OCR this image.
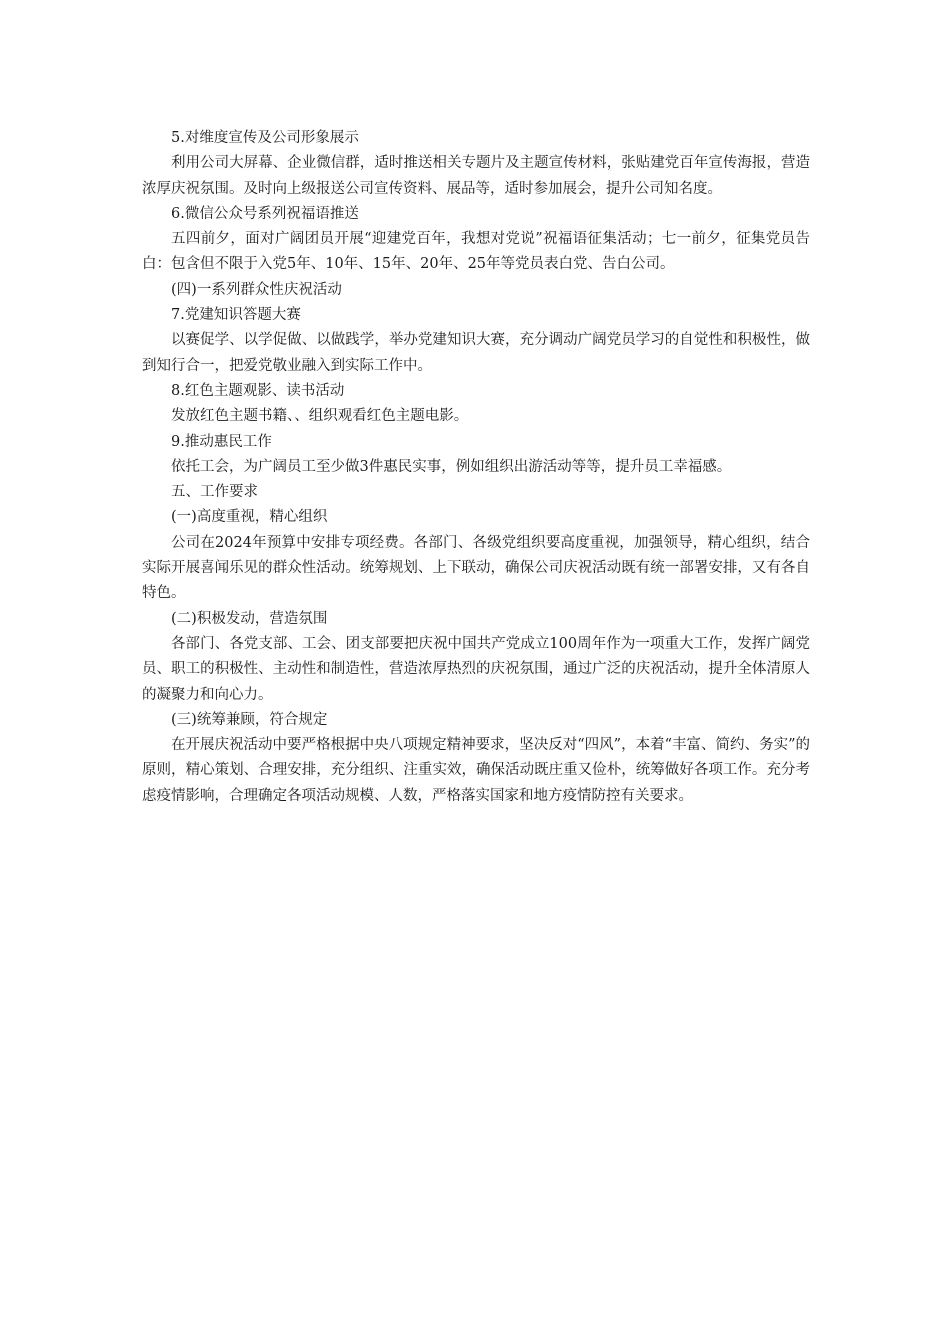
5.对维度宣传及公司形象展示

利用公司大屏幕、企业微信群，适时推送相关专题片及主题宣传材料，张贴建党百年宣传海报，营造浓厚庆祝氛围。及时向上级报送公司宣传资料、展品等，适时参加展会，提升公司知名度。

6.微信公众号系列祝福语推送

五四前夕，面对广阔团员开展“迎建党百年，我想对党说”祝福语征集活动；七一前夕，征集党员告白：包含但不限于入党5年、10年、15年、20年、25年等党员表白党、告白公司。

(四)一系列群众性庆祝活动

7.党建知识答题大赛

以赛促学、以学促做、以做践学，举办党建知识大赛，充分调动广阔党员学习的自觉性和积极性，做到知行合一，把爱党敬业融入到实际工作中。

8.红色主题观影、读书活动

发放红色主题书籍、、组织观看红色主题电影。

9.推动惠民工作

依托工会，为广阔员工至少做3件惠民实事，例如组织出游活动等等，提升员工幸福感。

五、工作要求

(一)高度重视，精心组织

公司在2024年预算中安排专项经费。各部门、各级党组织要高度重视，加强领导，精心组织，结合实际开展喜闻乐见的群众性活动。统筹规划、上下联动，确保公司庆祝活动既有统一部署安排，又有各自特色。

(二)积极发动，营造氛围

各部门、各党支部、工会、团支部要把庆祝中国共产党成立100周年作为一项重大工作，发挥广阔党员、职工的积极性、主动性和制造性，营造浓厚热烈的庆祝氛围，通过广泛的庆祝活动，提升全体清原人的凝聚力和向心力。

(三)统筹兼顾，符合规定

在开展庆祝活动中要严格根据中央八项规定精神要求，坚决反对“四风”，本着“丰富、简约、务实”的原则，精心策划、合理安排，充分组织、注重实效，确保活动既庄重又俭朴，统筹做好各项工作。充分考虑疫情影响，合理确定各项活动规模、人数，严格落实国家和地方疫情防控有关要求。
